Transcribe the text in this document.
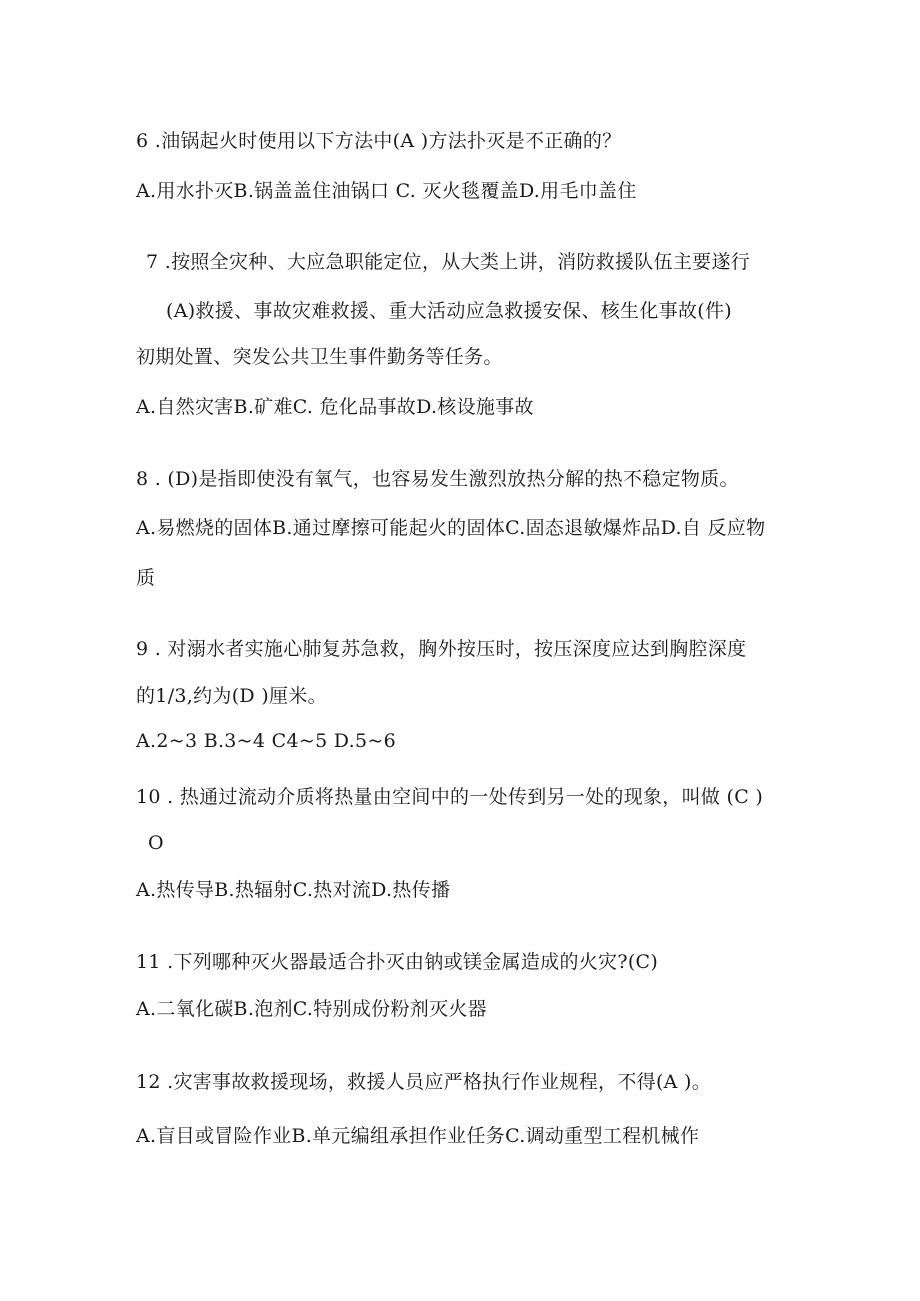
6 .油锅起火时使用以下方法中(A )方法扑灭是不正确的？
A.用水扑灭B.锅盖盖住油锅口 C. 灭火毯覆盖D.用毛巾盖住
7 .按照全灾种、大应急职能定位，从大类上讲，消防救援队伍主要遂行
(A)救援、事故灾难救援、重大活动应急救援安保、核生化事故(件)
初期处置、突发公共卫生事件勤务等任务。
A.自然灾害B.矿难C. 危化品事故D.核设施事故
8 . (D)是指即使没有氧气，也容易发生激烈放热分解的热不稳定物质。
A.易燃烧的固体B.通过摩擦可能起火的固体C.固态退敏爆炸品D.自 反应物
质
9 . 对溺水者实施心肺复苏急救，胸外按压时，按压深度应达到胸腔深度
的1/3,约为(D )厘米。
A.2~3 B.3~4 C4~5 D.5~6
10 . 热通过流动介质将热量由空间中的一处传到另一处的现象，叫做 (C )
O
A.热传导B.热辐射C.热对流D.热传播
11 .下列哪种灭火器最适合扑灭由钠或镁金属造成的火灾?(C)
A.二氧化碳B.泡剂C.特别成份粉剂灭火器
12 .灾害事故救援现场，救援人员应严格执行作业规程，不得(A )。
A.盲目或冒险作业B.单元编组承担作业任务C.调动重型工程机械作
